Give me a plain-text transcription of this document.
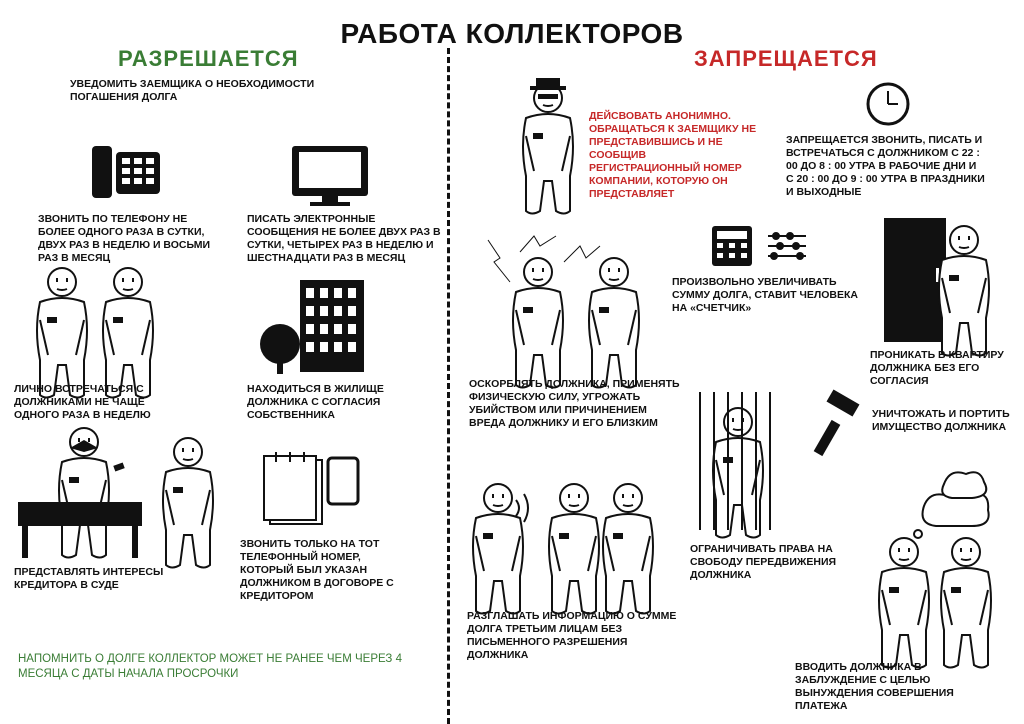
РАБОТА КОЛЛЕКТОРОВ
РАЗРЕШАЕТСЯ	ЗАПРЕЩАЕТСЯ
УВЕДОМИТЬ ЗАЕМЩИКА О НЕОБХОДИМОСТИ ПОГАШЕНИЯ ДОЛГА
ЗВОНИТЬ ПО ТЕЛЕФОНУ НЕ БОЛЕЕ ОДНОГО РАЗА В СУТКИ, ДВУХ РАЗ В НЕДЕЛЮ И ВОСЬМИ РАЗ В МЕСЯЦ
ПИСАТЬ ЭЛЕКТРОННЫЕ СООБЩЕНИЯ НЕ БОЛЕЕ ДВУХ РАЗ В СУТКИ, ЧЕТЫРЕХ РАЗ В НЕДЕЛЮ И ШЕСТНАДЦАТИ РАЗ В МЕСЯЦ
ЛИЧНО ВСТРЕЧАТЬСЯ С ДОЛЖНИКАМИ НЕ ЧАЩЕ ОДНОГО РАЗА В НЕДЕЛЮ
НАХОДИТЬСЯ В ЖИЛИЩЕ ДОЛЖНИКА С СОГЛАСИЯ СОБСТВЕННИКА
ПРЕДСТАВЛЯТЬ ИНТЕРЕСЫ КРЕДИТОРА В СУДЕ
ЗВОНИТЬ ТОЛЬКО НА ТОТ ТЕЛЕФОННЫЙ НОМЕР, КОТОРЫЙ БЫЛ УКАЗАН ДОЛЖНИКОМ В ДОГОВОРЕ С КРЕДИТОРОМ
НАПОМНИТЬ О ДОЛГЕ КОЛЛЕКТОР МОЖЕТ НЕ РАНЕЕ ЧЕМ ЧЕРЕЗ 4 МЕСЯЦА С ДАТЫ НАЧАЛА ПРОСРОЧКИ
ДЕЙСВОВАТЬ АНОНИМНО. ОБРАЩАТЬСЯ К ЗАЕМЩИКУ НЕ ПРЕДСТАВИВШИСЬ И НЕ СООБЩИВ РЕГИСТРАЦИОННЫЙ НОМЕР КОМПАНИИ, КОТОРУЮ ОН ПРЕДСТАВЛЯЕТ
ЗАПРЕЩАЕТСЯ ЗВОНИТЬ, ПИСАТЬ И ВСТРЕЧАТЬСЯ С ДОЛЖНИКОМ С 22 : 00 ДО 8 : 00 УТРА В РАБОЧИЕ ДНИ И С 20 : 00 ДО 9 : 00 УТРА В ПРАЗДНИКИ И ВЫХОДНЫЕ
ОСКОРБЛЯТЬ ДОЛЖНИКА, ПРИМЕНЯТЬ ФИЗИЧЕСКУЮ СИЛУ, УГРОЖАТЬ УБИЙСТВОМ ИЛИ ПРИЧИНЕНИЕМ ВРЕДА ДОЛЖНИКУ И ЕГО БЛИЗКИМ
ПРОИЗВОЛЬНО УВЕЛИЧИВАТЬ СУММУ ДОЛГА, СТАВИТ ЧЕЛОВЕКА НА «СЧЕТЧИК»
ПРОНИКАТЬ В КВАРТИРУ ДОЛЖНИКА БЕЗ ЕГО СОГЛАСИЯ
УНИЧТОЖАТЬ И ПОРТИТЬ ИМУЩЕСТВО ДОЛЖНИКА
ОГРАНИЧИВАТЬ ПРАВА НА СВОБОДУ ПЕРЕДВИЖЕНИЯ ДОЛЖНИКА
РАЗГЛАШАТЬ ИНФОРМАЦИЮ О СУММЕ ДОЛГА ТРЕТЬИМ ЛИЦАМ БЕЗ ПИСЬМЕННОГО РАЗРЕШЕНИЯ ДОЛЖНИКА
ВВОДИТЬ ДОЛЖНИКА В ЗАБЛУЖДЕНИЕ С ЦЕЛЬЮ ВЫНУЖДЕНИЯ СОВЕРШЕНИЯ ПЛАТЕЖА
